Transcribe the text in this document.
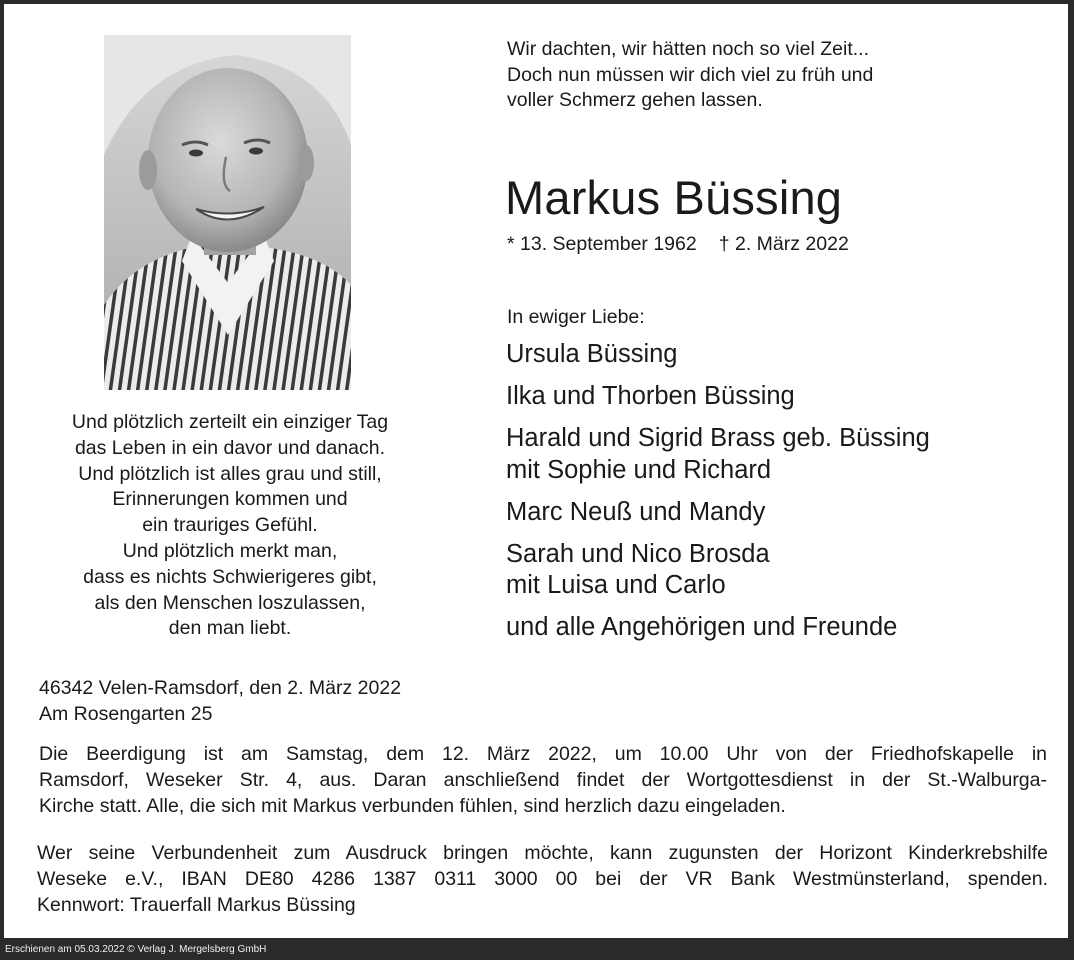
Wir dachten, wir hätten noch so viel Zeit...
Doch nun müssen wir dich viel zu früh und
voller Schmerz gehen lassen.
Markus Büssing
* 13. September 1962 † 2. März 2022
In ewiger Liebe:
Ursula Büssing
Ilka und Thorben Büssing
Harald und Sigrid Brass geb. Büssing
mit Sophie und Richard
Marc Neuß und Mandy
Sarah und Nico Brosda
mit Luisa und Carlo
und alle Angehörigen und Freunde
Und plötzlich zerteilt ein einziger Tag
das Leben in ein davor und danach.
Und plötzlich ist alles grau und still,
Erinnerungen kommen und
ein trauriges Gefühl.
Und plötzlich merkt man,
dass es nichts Schwierigeres gibt,
als den Menschen loszulassen,
den man liebt.
46342 Velen-Ramsdorf, den 2. März 2022
Am Rosengarten 25
Die Beerdigung ist am Samstag, dem 12. März 2022, um 10.00 Uhr von der Friedhofskapelle in
Ramsdorf, Weseker Str. 4, aus. Daran anschließend findet der Wortgottesdienst in der St.-Walburga-
Kirche statt. Alle, die sich mit Markus verbunden fühlen, sind herzlich dazu eingeladen.
Wer seine Verbundenheit zum Ausdruck bringen möchte, kann zugunsten der Horizont Kinderkrebshilfe
Weseke e.V., IBAN DE80 4286 1387 0311 3000 00 bei der VR Bank Westmünsterland, spenden.
Kennwort: Trauerfall Markus Büssing
Erschienen am 05.03.2022 © Verlag J. Mergelsberg GmbH
